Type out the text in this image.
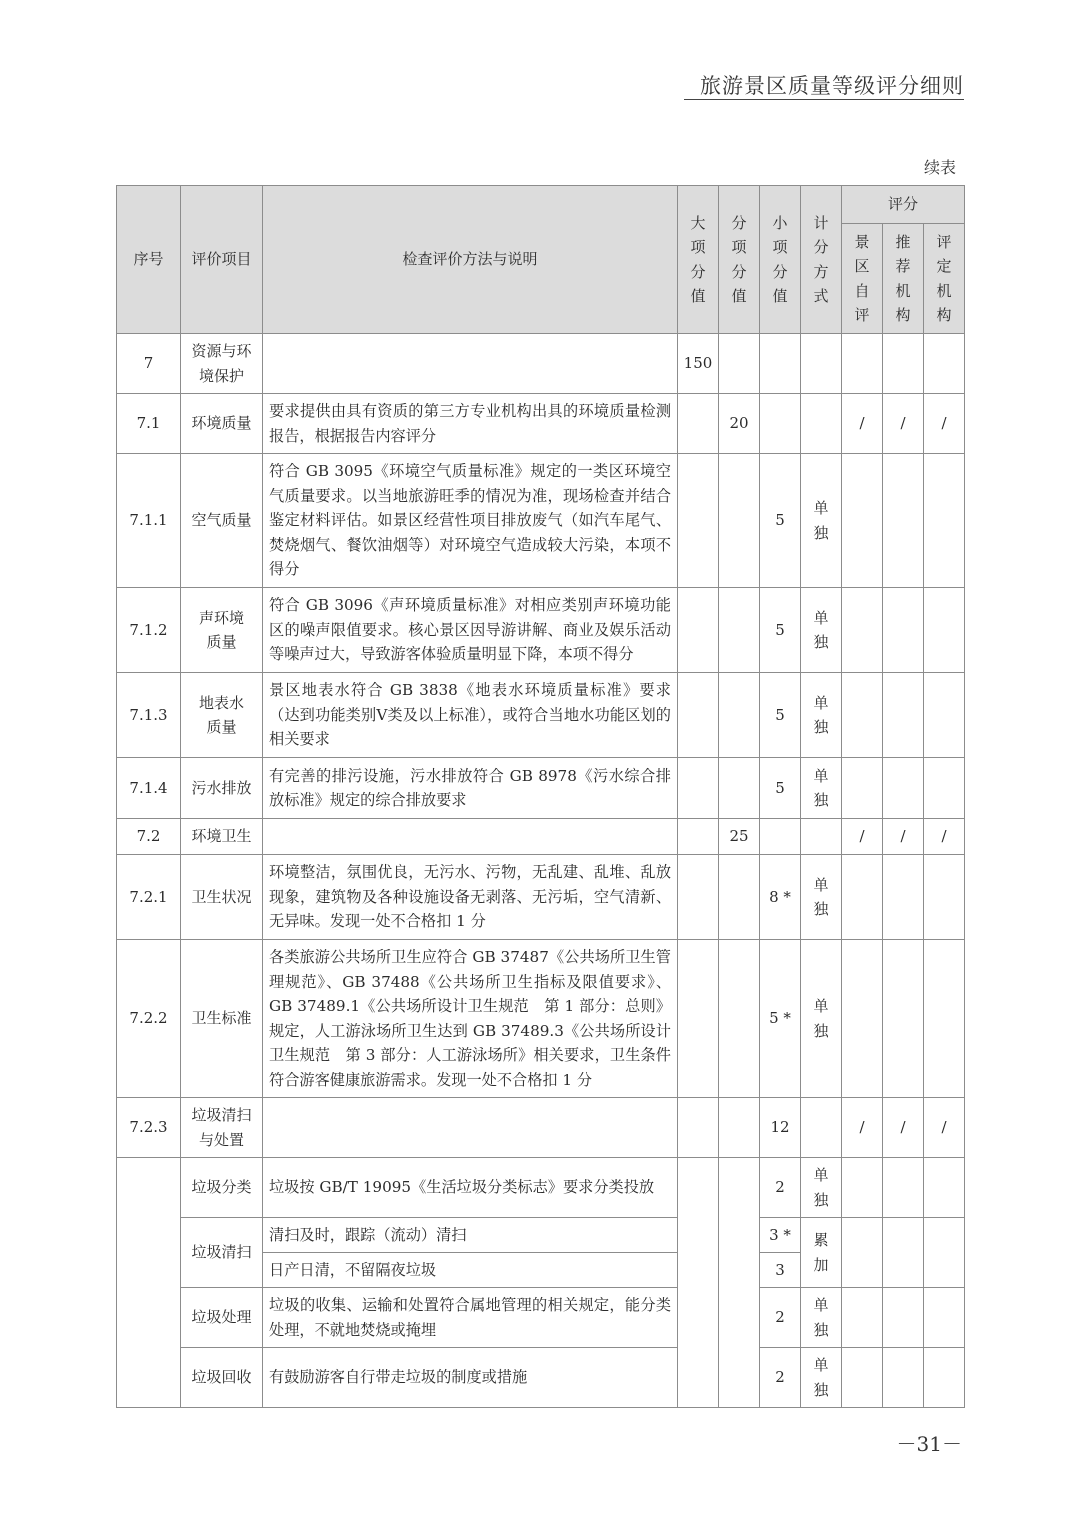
旅游景区质量等级评分细则
续表
序号	评价项目	检查评价方法与说明	大项分值	分项分值	小项分值	计分方式	评分		

							景区自评	推荐机构	评定机构

7	资源与环境保护		150			

7.1	环境质量	要求提供由具有资质的第三方专业机构出具的环境质量检测报告，根据报告内容评分		20			/	/	/
7.1.1	空气质量	符合 GB 3095《环境空气质量标准》规定的一类区环境空气质量要求。以当地旅游旺季的情况为准，现场检查并结合鉴定材料评估。如景区经营性项目排放废气（如汽车尾气、焚烧烟气、餐饮油烟等）对环境空气造成较大污染，本项不得分			5	单独			

7.1.2	声环境质量	符合 GB 3096《声环境质量标准》对相应类别声环境功能区的噪声限值要求。核心景区因导游讲解、商业及娱乐活动等噪声过大，导致游客体验质量明显下降，本项不得分			5	单独			

7.1.3	地表水质量	景区地表水符合 GB 3838《地表水环境质量标准》要求（达到功能类别Ⅴ类及以上标准），或符合当地水功能区划的相关要求			5	单独			

7.1.4	污水排放	有完善的排污设施，污水排放符合 GB 8978《污水综合排放标准》规定的综合排放要求			5	单独			

7.2	环境卫生			25			/	/	/
7.2.1	卫生状况	环境整洁，氛围优良，无污水、污物，无乱建、乱堆、乱放现象，建筑物及各种设施设备无剥落、无污垢，空气清新、无异味。发现一处不合格扣 1 分			8 *	单独			

7.2.2	卫生标准	各类旅游公共场所卫生应符合 GB 37487《公共场所卫生管理规范》、GB 37488《公共场所卫生指标及限值要求》、GB 37489.1《公共场所设计卫生规范　第 1 部分：总则》规定，人工游泳场所卫生达到 GB 37489.3《公共场所设计卫生规范　第 3 部分：人工游泳场所》相关要求，卫生条件符合游客健康旅游需求。发现一处不合格扣 1 分			5 *	单独			

7.2.3	垃圾清扫与处置				12		/	/	/
	垃圾分类	垃圾按 GB/T 19095《生活垃圾分类标志》要求分类投放			2	单独			

	垃圾清扫	清扫及时，跟踪（流动）清扫			3 *	累加			

		日产日清，不留隔夜垃圾			3				
	垃圾处理	垃圾的收集、运输和处置符合属地管理的相关规定，能分类处理，不就地焚烧或掩埋			2	单独			

	垃圾回收	有鼓励游客自行带走垃圾的制度或措施			2	单独			

－31－
